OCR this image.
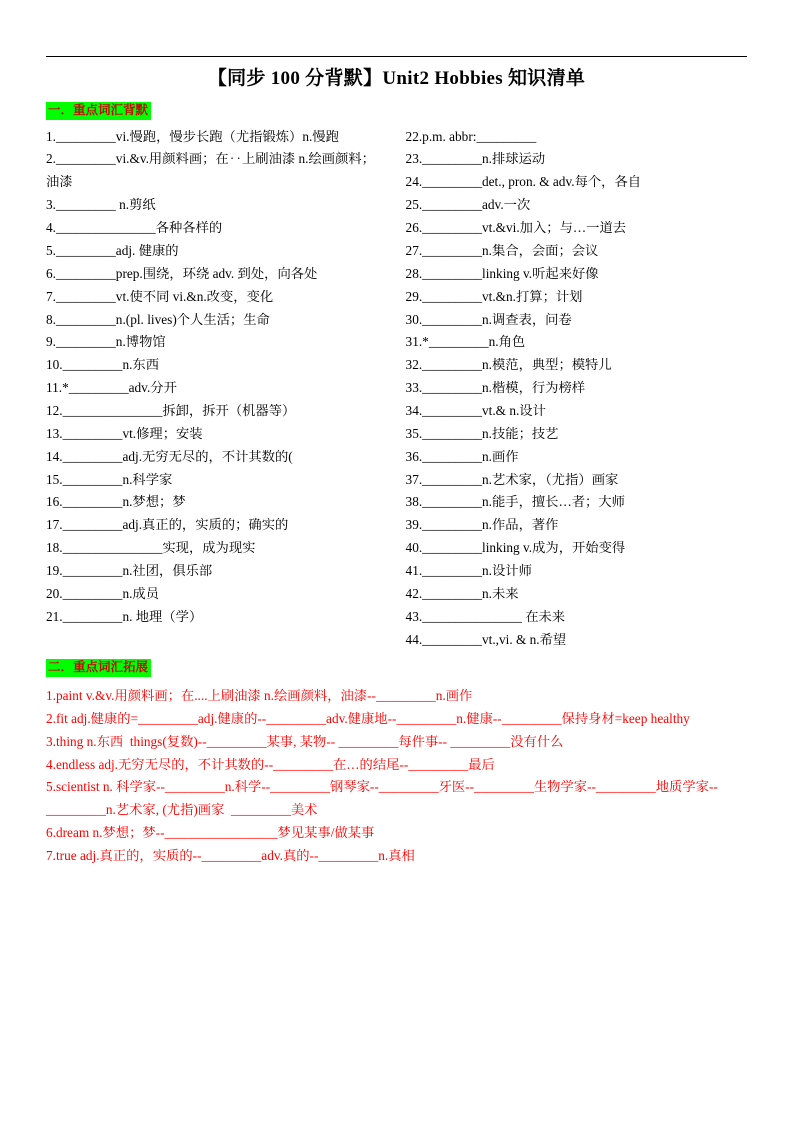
【同步 100 分背默】Unit2 Hobbies 知识清单
一．重点词汇背默
1._________vi.慢跑，慢步长跑（尤指锻炼）n.慢跑
2._________vi.&v.用颜料画；在‥上刷油漆 n.绘画颜料；油漆
3._________ n.剪纸
4._______________各种各样的
5._________adj. 健康的
6._________prep.围绕，环绕 adv. 到处，向各处
7._________vt.使不同 vi.&n.改变，变化
8._________n.(pl. lives)个人生活；生命
9._________n.博物馆
10._________n.东西
11.*_________adv.分开
12._______________拆卸，拆开（机器等）
13._________vt.修理；安装
14._________adj.无穷无尽的，不计其数的(
15._________n.科学家
16._________n.梦想；梦
17._________adj.真正的，实质的；确实的
18._______________实现，成为现实
19._________n.社团，俱乐部
20._________n.成员
21._________n. 地理（学）
22.p.m. abbr:_________
23._________n.排球运动
24._________det., pron. & adv.每个，各自
25._________adv.一次
26._________vt.&vi.加入；与…一道去
27._________n.集合，会面；会议
28._________linking v.听起来好像
29._________vt.&n.打算；计划
30._________n.调查表，问卷
31.*_________n.角色
32._________n.模范，典型；模特儿
33._________n.楷模，行为榜样
34._________vt.& n.设计
35._________n.技能；技艺
36._________n.画作
37._________n.艺术家，（尤指）画家
38._________n.能手，擅长…者；大师
39._________n.作品，著作
40._________linking v.成为，开始变得
41._________n.设计师
42._________n.未来
43._______________ 在未来
44._________vt.,vi. & n.希望
二．重点词汇拓展
1.paint v.&v.用颜料画；在....上刷油漆 n.绘画颜料，油漆--_________n.画作
2.fit adj.健康的=_________adj.健康的--_________adv.健康地--_________n.健康--_________保持身材=keep healthy
3.thing n.东西  things(复数)--_________某事, 某物-- _________每件事-- _________没有什么
4.endless adj.无穷无尽的，不计其数的--_________在…的结尾--_________最后
5.scientist n. 科学家--_________n.科学--_________钢琴家--_________牙医--_________生物学家--_________地质学家--_________n.艺术家, (尤指)画家  _________美术
6.dream n.梦想；梦--_________________梦见某事/做某事
7.true adj.真正的，实质的--_________adv.真的--_________n.真相
